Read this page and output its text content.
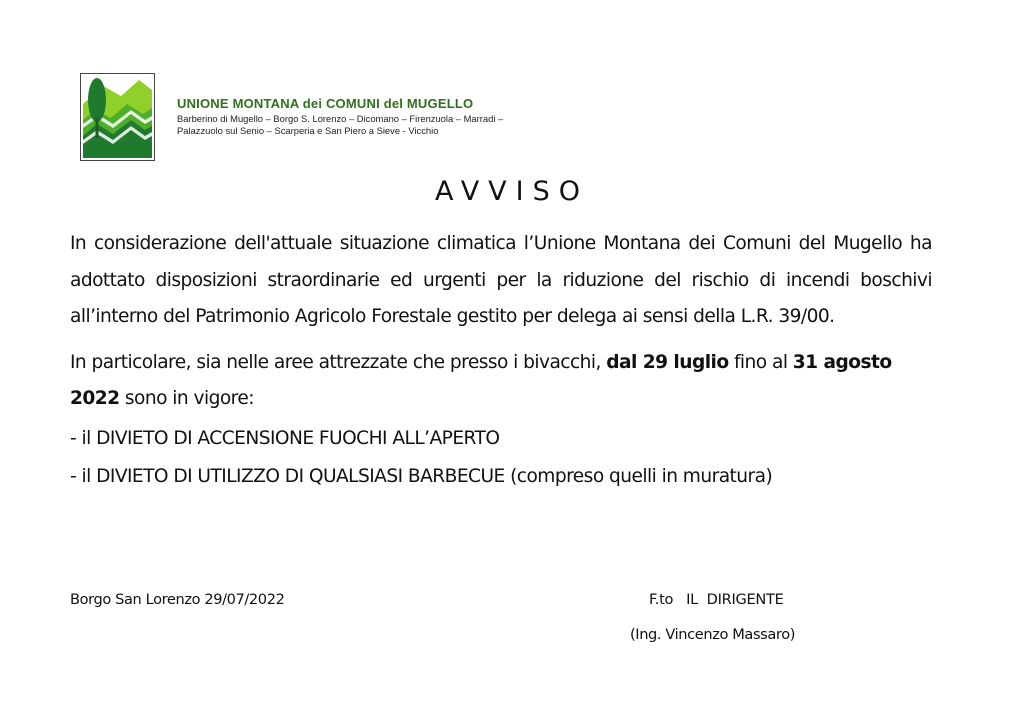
UNIONE MONTANA dei COMUNI del MUGELLO
Barberino di Mugello – Borgo S. Lorenzo – Dicomano – Firenzuola – Marradi –
Palazzuolo sul Senio – Scarperia e San Piero a Sieve - Vicchio
AVVISO

In considerazione dell'attuale situazione climatica l’Unione Montana dei Comuni del Mugello ha adottato disposizioni straordinarie ed urgenti per la riduzione del rischio di incendi boschivi all’interno del Patrimonio Agricolo Forestale gestito per delega ai sensi della L.R. 39/00.

In particolare, sia nelle aree attrezzate che presso i bivacchi, dal 29 luglio fino al 31 agosto 2022 sono in vigore:

- il DIVIETO DI ACCENSIONE FUOCHI ALL’APERTO

- il DIVIETO DI UTILIZZO DI QUALSIASI BARBECUE (compreso quelli in muratura)

Borgo San Lorenzo 29/07/2022	F.to   IL  DIRIGENTE
(Ing. Vincenzo Massaro)
